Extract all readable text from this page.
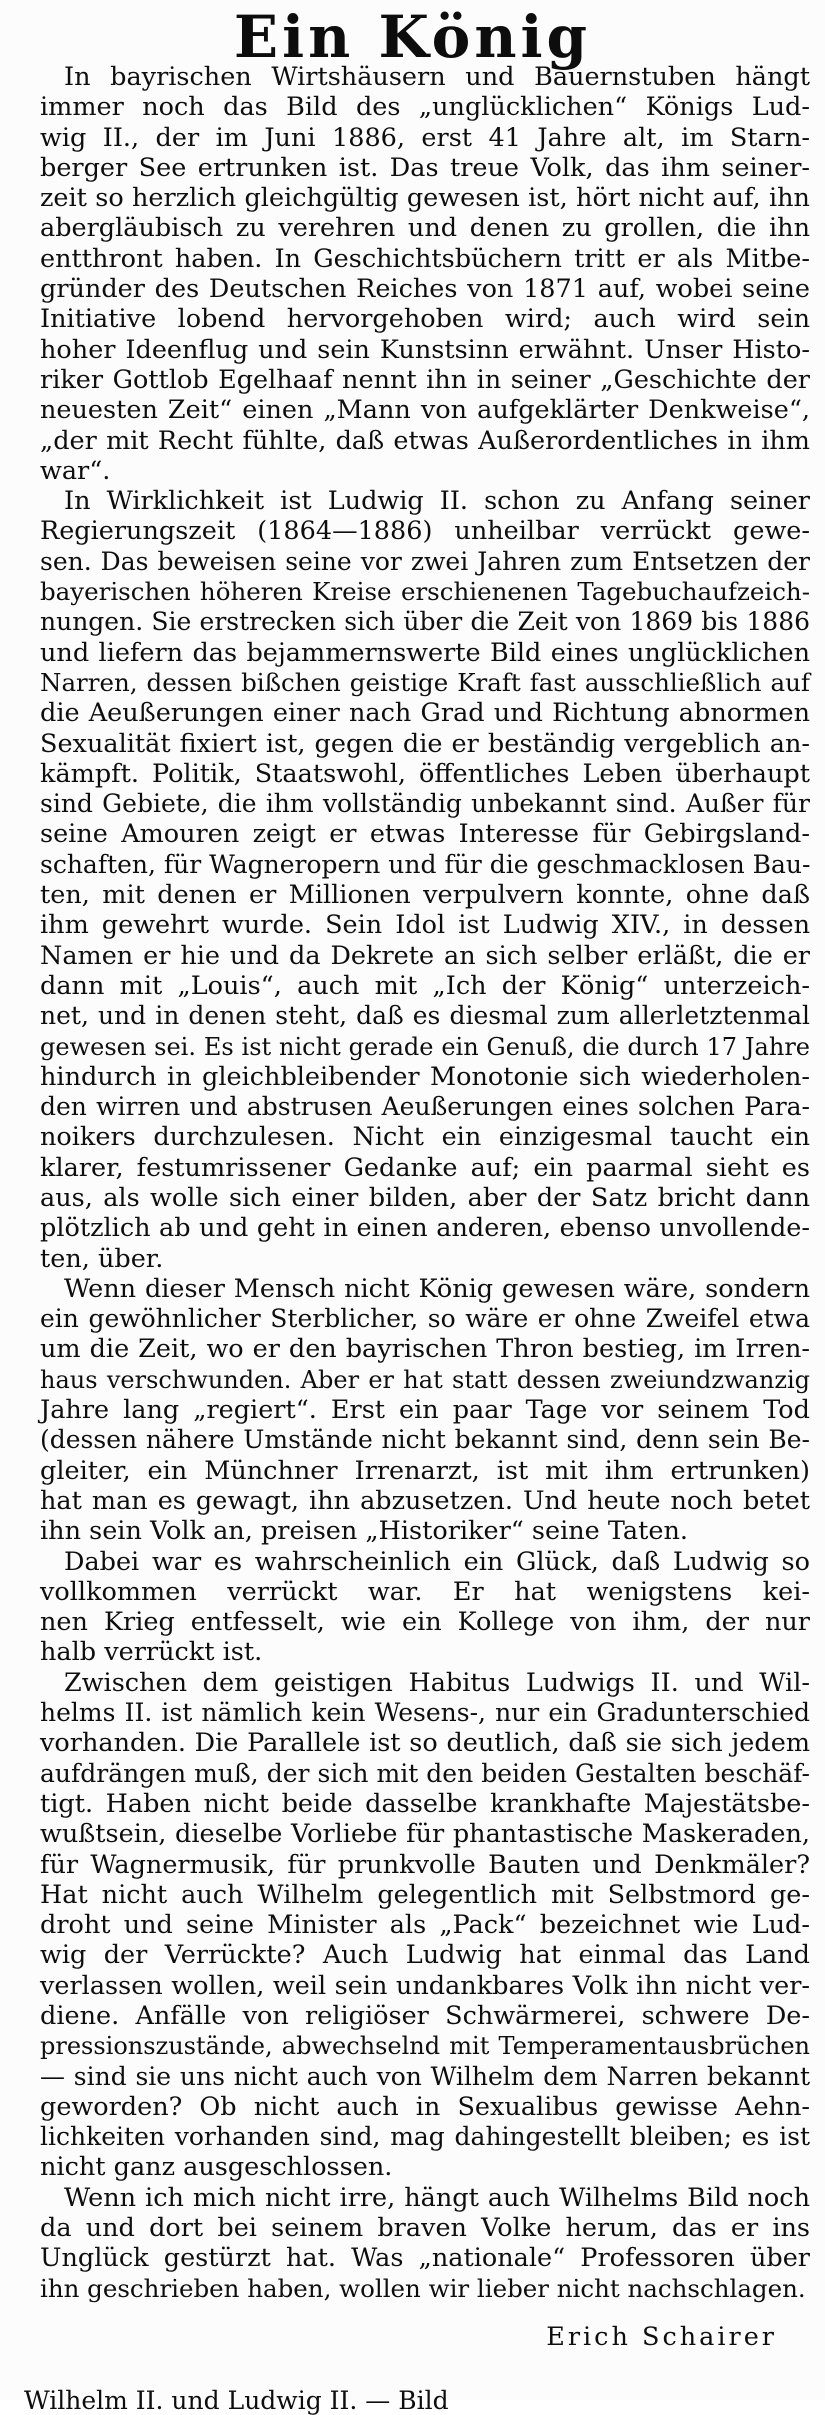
Ein König
In bayrischen Wirtshäusern und Bauernstuben hängt
immer noch das Bild des „unglücklichen“ Königs Lud-
wig II., der im Juni 1886, erst 41 Jahre alt, im Starn-
berger See ertrunken ist. Das treue Volk, das ihm seiner-
zeit so herzlich gleichgültig gewesen ist, hört nicht auf, ihn
abergläubisch zu verehren und denen zu grollen, die ihn
entthront haben. In Geschichtsbüchern tritt er als Mitbe-
gründer des Deutschen Reiches von 1871 auf, wobei seine
Initiative lobend hervorgehoben wird; auch wird sein
hoher Ideenflug und sein Kunstsinn erwähnt. Unser Histo-
riker Gottlob Egelhaaf nennt ihn in seiner „Geschichte der
neuesten Zeit“ einen „Mann von aufgeklärter Denkweise“,
„der mit Recht fühlte, daß etwas Außerordentliches in ihm
war“.
In Wirklichkeit ist Ludwig II. schon zu Anfang seiner
Regierungszeit (1864—1886) unheilbar verrückt gewe-
sen. Das beweisen seine vor zwei Jahren zum Entsetzen der
bayerischen höheren Kreise erschienenen Tagebuchaufzeich-
nungen. Sie erstrecken sich über die Zeit von 1869 bis 1886
und liefern das bejammernswerte Bild eines unglücklichen
Narren, dessen bißchen geistige Kraft fast ausschließlich auf
die Aeußerungen einer nach Grad und Richtung abnormen
Sexualität fixiert ist, gegen die er beständig vergeblich an-
kämpft. Politik, Staatswohl, öffentliches Leben überhaupt
sind Gebiete, die ihm vollständig unbekannt sind. Außer für
seine Amouren zeigt er etwas Interesse für Gebirgsland-
schaften, für Wagneropern und für die geschmacklosen Bau-
ten, mit denen er Millionen verpulvern konnte, ohne daß
ihm gewehrt wurde. Sein Idol ist Ludwig XIV., in dessen
Namen er hie und da Dekrete an sich selber erläßt, die er
dann mit „Louis“, auch mit „Ich der König“ unterzeich-
net, und in denen steht, daß es diesmal zum allerletztenmal
gewesen sei. Es ist nicht gerade ein Genuß, die durch 17 Jahre
hindurch in gleichbleibender Monotonie sich wiederholen-
den wirren und abstrusen Aeußerungen eines solchen Para-
noikers durchzulesen. Nicht ein einzigesmal taucht ein
klarer, festumrissener Gedanke auf; ein paarmal sieht es
aus, als wolle sich einer bilden, aber der Satz bricht dann
plötzlich ab und geht in einen anderen, ebenso unvollende-
ten, über.
Wenn dieser Mensch nicht König gewesen wäre, sondern
ein gewöhnlicher Sterblicher, so wäre er ohne Zweifel etwa
um die Zeit, wo er den bayrischen Thron bestieg, im Irren-
haus verschwunden. Aber er hat statt dessen zweiundzwanzig
Jahre lang „regiert“. Erst ein paar Tage vor seinem Tod
(dessen nähere Umstände nicht bekannt sind, denn sein Be-
gleiter, ein Münchner Irrenarzt, ist mit ihm ertrunken)
hat man es gewagt, ihn abzusetzen. Und heute noch betet
ihn sein Volk an, preisen „Historiker“ seine Taten.
Dabei war es wahrscheinlich ein Glück, daß Ludwig so
vollkommen verrückt war. Er hat wenigstens kei-
nen Krieg entfesselt, wie ein Kollege von ihm, der nur
halb verrückt ist.
Zwischen dem geistigen Habitus Ludwigs II. und Wil-
helms II. ist nämlich kein Wesens-, nur ein Gradunterschied
vorhanden. Die Parallele ist so deutlich, daß sie sich jedem
aufdrängen muß, der sich mit den beiden Gestalten beschäf-
tigt. Haben nicht beide dasselbe krankhafte Majestätsbe-
wußtsein, dieselbe Vorliebe für phantastische Maskeraden,
für Wagnermusik, für prunkvolle Bauten und Denkmäler?
Hat nicht auch Wilhelm gelegentlich mit Selbstmord ge-
droht und seine Minister als „Pack“ bezeichnet wie Lud-
wig der Verrückte? Auch Ludwig hat einmal das Land
verlassen wollen, weil sein undankbares Volk ihn nicht ver-
diene. Anfälle von religiöser Schwärmerei, schwere De-
pressionszustände, abwechselnd mit Temperamentausbrüchen
— sind sie uns nicht auch von Wilhelm dem Narren bekannt
geworden? Ob nicht auch in Sexualibus gewisse Aehn-
lichkeiten vorhanden sind, mag dahingestellt bleiben; es ist
nicht ganz ausgeschlossen.
Wenn ich mich nicht irre, hängt auch Wilhelms Bild noch
da und dort bei seinem braven Volke herum, das er ins
Unglück gestürzt hat. Was „nationale“ Professoren über
ihn geschrieben haben, wollen wir lieber nicht nachschlagen.
Erich Schairer
Wilhelm II. und Ludwig II. — Bild
